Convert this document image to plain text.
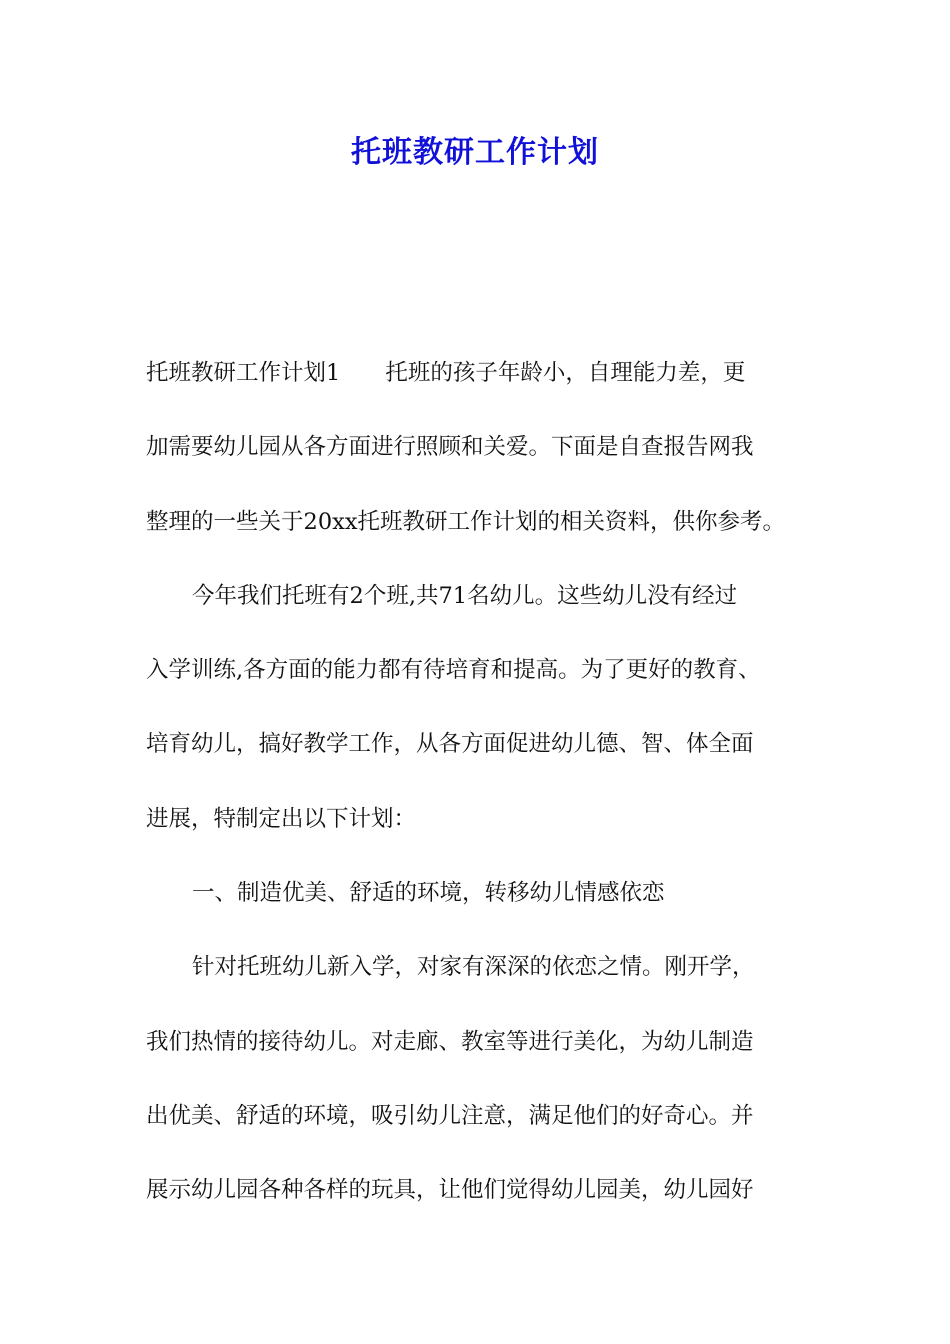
托班教研工作计划
托班教研工作计划1　　托班的孩子年龄小，自理能力差，更
加需要幼儿园从各方面进行照顾和关爱。下面是自查报告网我
整理的一些关于20xx托班教研工作计划的相关资料，供你参考。
今年我们托班有2个班,共71名幼儿。这些幼儿没有经过
入学训练,各方面的能力都有待培育和提高。为了更好的教育、
培育幼儿，搞好教学工作，从各方面促进幼儿德、智、体全面
进展，特制定出以下计划：
一、制造优美、舒适的环境，转移幼儿情感依恋
针对托班幼儿新入学，对家有深深的依恋之情。刚开学，
我们热情的接待幼儿。对走廊、教室等进行美化，为幼儿制造
出优美、舒适的环境，吸引幼儿注意，满足他们的好奇心。并
展示幼儿园各种各样的玩具，让他们觉得幼儿园美，幼儿园好
